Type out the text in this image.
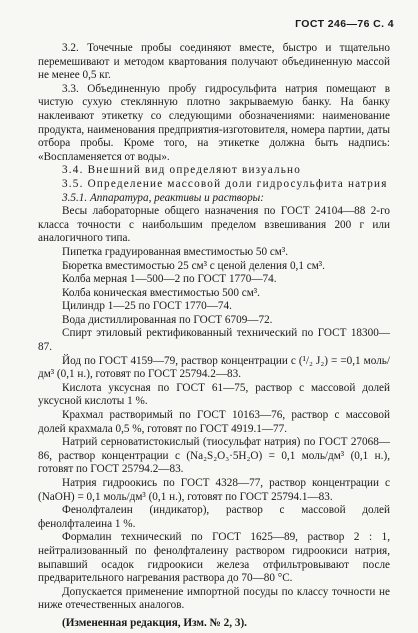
ГОСТ 246—76 С. 4

3.2. Точечные пробы соединяют вместе, быстро и тщательно перемешивают и методом квартования получают объединенную массой не менее 0,5 кг.

3.3. Объединенную пробу гидросульфита натрия помещают в чистую сухую стеклянную плотно закрываемую банку. На банку наклеивают этикетку со следующими обозначениями: наименование продукта, наименования предприятия-изготовителя, номера партии, даты отбора пробы. Кроме того, на этикетке должна быть надпись: «Воспламеняется от воды».

3.4. Внешний вид определяют визуально

3.5. Определение массовой доли гидросульфита натрия

3.5.1. Аппаратура, реактивы и растворы:

Весы лабораторные общего назначения по ГОСТ 24104—88 2-го класса точности с наибольшим пределом взвешивания 200 г или аналогичного типа.

Пипетка градуированная вместимостью 50 см³.

Бюретка вместимостью 25 см³ с ценой деления 0,1 см³.

Колба мерная 1—500—2 по ГОСТ 1770—74.

Колба коническая вместимостью 500 см³.

Цилиндр 1—25 по ГОСТ 1770—74.

Вода дистиллированная по ГОСТ 6709—72.

Спирт этиловый ректификованный технический по ГОСТ 18300—87.

Йод по ГОСТ 4159—79, раствор концентрации c (¹/₂ J₂) = =0,1 моль/дм³ (0,1 н.), готовят по ГОСТ 25794.2—83.

Кислота уксусная по ГОСТ 61—75, раствор с массовой долей уксусной кислоты 1 %.

Крахмал растворимый по ГОСТ 10163—76, раствор с массовой долей крахмала 0,5 %, готовят по ГОСТ 4919.1—77.

Натрий серноватистокислый (тиосульфат натрия) по ГОСТ 27068—86, раствор концентрации c (Na₂S₂O₃·5H₂O) = 0,1 моль/дм³ (0,1 н.), готовят по ГОСТ 25794.2—83.

Натрия гидроокись по ГОСТ 4328—77, раствор концентрации c (NaOH) = 0,1 моль/дм³ (0,1 н.), готовят по ГОСТ 25794.1—83.

Фенолфталеин (индикатор), раствор с массовой долей фенолфталеина 1 %.

Формалин технический по ГОСТ 1625—89, раствор 2 : 1, нейтрализованный по фенолфталеину раствором гидроокиси натрия, выпавший осадок гидроокиси железа отфильтровывают после предварительного нагревания раствора до 70—80 °С.

Допускается применение импортной посуды по классу точности не ниже отечественных аналогов.

(Измененная редакция, Изм. № 2, 3).
